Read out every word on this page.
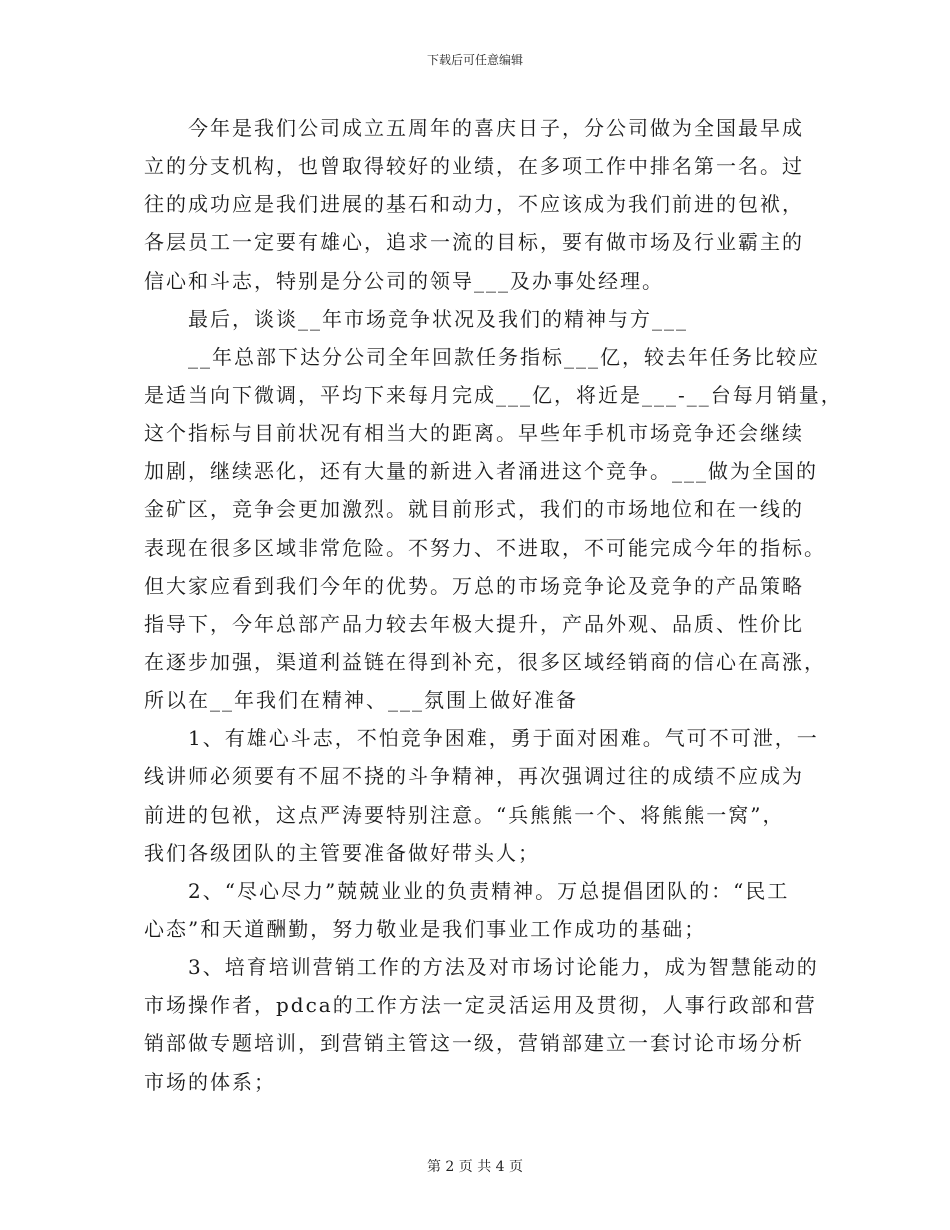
下载后可任意编辑
今年是我们公司成立五周年的喜庆日子，分公司做为全国最早成
立的分支机构，也曾取得较好的业绩，在多项工作中排名第一名。过
往的成功应是我们进展的基石和动力，不应该成为我们前进的包袱，
各层员工一定要有雄心，追求一流的目标，要有做市场及行业霸主的
信心和斗志，特别是分公司的领导___及办事处经理。
最后，谈谈__年市场竞争状况及我们的精神与方___
__年总部下达分公司全年回款任务指标___亿，较去年任务比较应
是适当向下微调，平均下来每月完成___亿，将近是___-__台每月销量，
这个指标与目前状况有相当大的距离。早些年手机市场竞争还会继续
加剧，继续恶化，还有大量的新进入者涌进这个竞争。___做为全国的
金矿区，竞争会更加激烈。就目前形式，我们的市场地位和在一线的
表现在很多区域非常危险。不努力、不进取，不可能完成今年的指标。
但大家应看到我们今年的优势。万总的市场竞争论及竞争的产品策略
指导下，今年总部产品力较去年极大提升，产品外观、品质、性价比
在逐步加强，渠道利益链在得到补充，很多区域经销商的信心在高涨，
所以在__年我们在精神、___氛围上做好准备
1、有雄心斗志，不怕竞争困难，勇于面对困难。气可不可泄，一
线讲师必须要有不屈不挠的斗争精神，再次强调过往的成绩不应成为
前进的包袱，这点严涛要特别注意。“兵熊熊一个、将熊熊一窝”，
我们各级团队的主管要准备做好带头人；
2、“尽心尽力”兢兢业业的负责精神。万总提倡团队的：“民工
心态”和天道酬勤，努力敬业是我们事业工作成功的基础；
3、培育培训营销工作的方法及对市场讨论能力，成为智慧能动的
市场操作者，pdca的工作方法一定灵活运用及贯彻，人事行政部和营
销部做专题培训，到营销主管这一级，营销部建立一套讨论市场分析
市场的体系；
第 2 页 共 4 页
